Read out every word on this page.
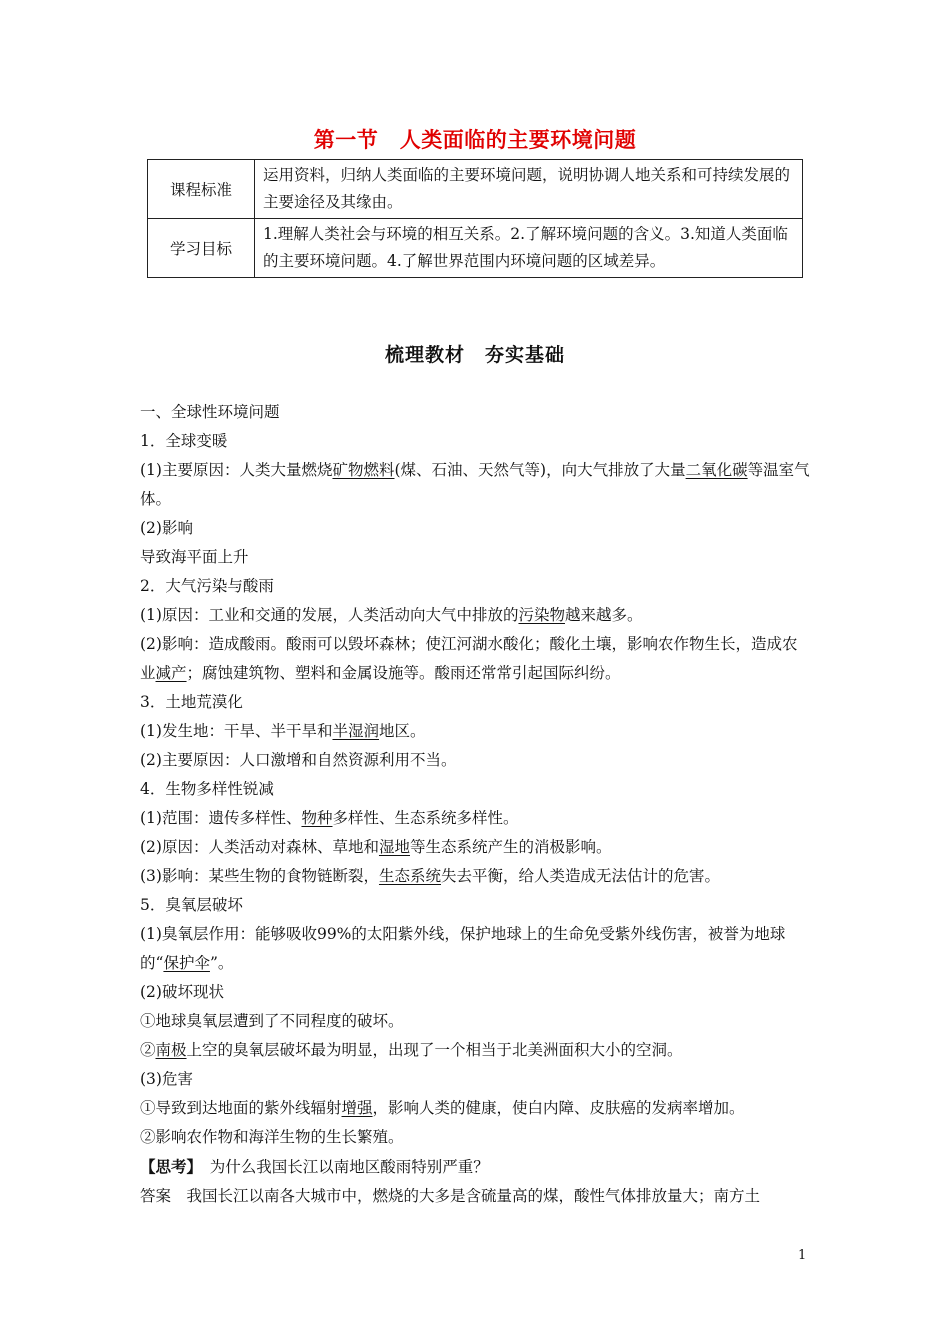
第一节　人类面临的主要环境问题
课程标准	运用资料，归纳人类面临的主要环境问题，说明协调人地关系和可持续发展的主要途径及其缘由。
学习目标	1.理解人类社会与环境的相互关系。2.了解环境问题的含义。3.知道人类面临的主要环境问题。4.了解世界范围内环境问题的区域差异。
梳理教材　夯实基础

一、全球性环境问题

1．全球变暖

(1)主要原因：人类大量燃烧矿物燃料(煤、石油、天然气等)，向大气排放了大量二氧化碳等温室气体。

(2)影响

导致海平面上升

2．大气污染与酸雨

(1)原因：工业和交通的发展，人类活动向大气中排放的污染物越来越多。

(2)影响：造成酸雨。酸雨可以毁坏森林；使江河湖水酸化；酸化土壤，影响农作物生长，造成农业减产；腐蚀建筑物、塑料和金属设施等。酸雨还常常引起国际纠纷。

3．土地荒漠化

(1)发生地：干旱、半干旱和半湿润地区。

(2)主要原因：人口激增和自然资源利用不当。

4．生物多样性锐减

(1)范围：遗传多样性、物种多样性、生态系统多样性。

(2)原因：人类活动对森林、草地和湿地等生态系统产生的消极影响。

(3)影响：某些生物的食物链断裂，生态系统失去平衡，给人类造成无法估计的危害。

5．臭氧层破坏

(1)臭氧层作用：能够吸收99%的太阳紫外线，保护地球上的生命免受紫外线伤害，被誉为地球的“保护伞”。

(2)破坏现状

①地球臭氧层遭到了不同程度的破坏。

②南极上空的臭氧层破坏最为明显，出现了一个相当于北美洲面积大小的空洞。

(3)危害

①导致到达地面的紫外线辐射增强，影响人类的健康，使白内障、皮肤癌的发病率增加。

②影响农作物和海洋生物的生长繁殖。

【思考】　 为什么我国长江以南地区酸雨特别严重？

答案　 我国长江以南各大城市中，燃烧的大多是含硫量高的煤，酸性气体排放量大；南方土

1
